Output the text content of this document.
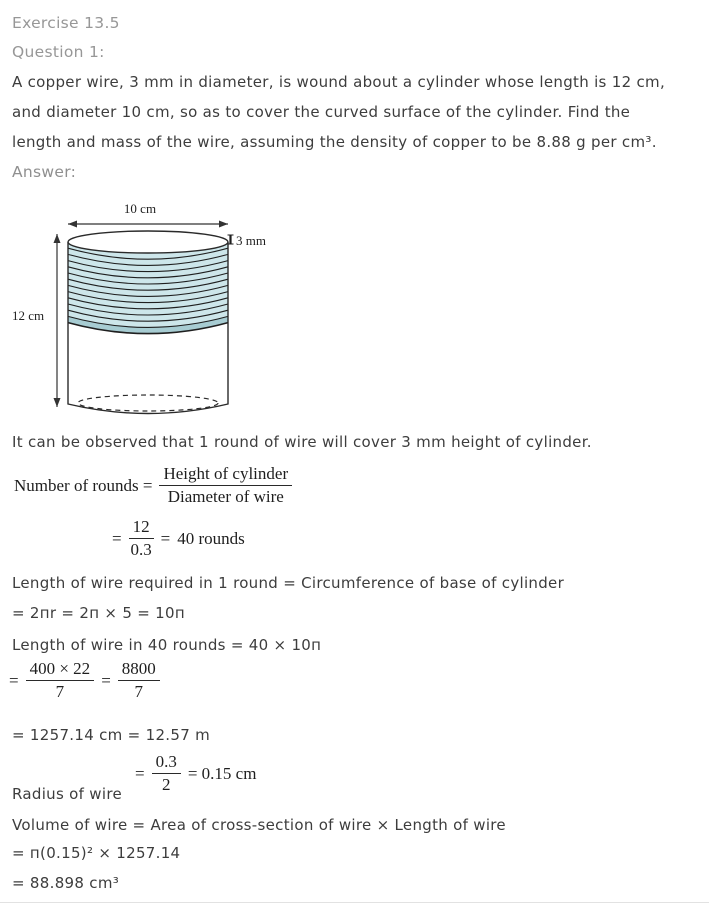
Exercise 13.5
Question 1:
A copper wire, 3 mm in diameter, is wound about a cylinder whose length is 12 cm,
and diameter 10 cm, so as to cover the curved surface of the cylinder. Find the
length and mass of the wire, assuming the density of copper to be 8.88 g per cm³.
Answer:
10 cm
12 cm
3 mm
It can be observed that 1 round of wire will cover 3 mm height of cylinder.
Number of rounds = $\frac{\text{Height of cylinder}}{\text{Diameter of wire}}$
= $\frac{12}{0.3} = 40$ rounds
Length of wire required in 1 round = Circumference of base of cylinder
= 2пr = 2п × 5 = 10п
Length of wire in 40 rounds = 40 × 10п
= $\frac{400 \times 22}{7} = \frac{8800}{7}$
= 1257.14 cm = 12.57 m
Radius of wire
= $\frac{0.3}{2} = 0.15$ cm
Volume of wire = Area of cross-section of wire × Length of wire
= п(0.15)² × 1257.14
= 88.898 cm³
